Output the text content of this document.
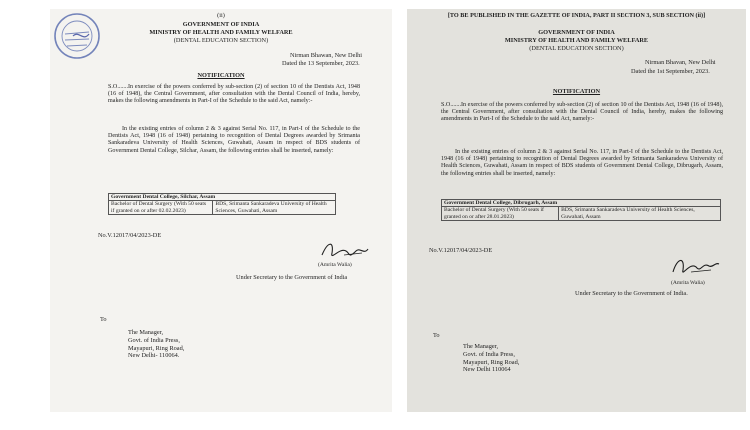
(ii)
GOVERNMENT OF INDIA
MINISTRY OF HEALTH AND FAMILY WELFARE
(DENTAL EDUCATION SECTION)
Nirman Bhawan, New Delhi
Dated the 13 September, 2023.
NOTIFICATION
S.O.......In exercise of the powers conferred by sub-section (2) of section 10 of the Dentists Act, 1948 (16 of 1948), the Central Government, after consultation with the Dental Council of India, hereby, makes the following amendments in Part-I of the Schedule to the said Act, namely:-
In the existing entries of column 2 & 3 against Serial No. 117, in Part-I of the Schedule to the Dentists Act, 1948 (16 of 1948) pertaining to recognition of Dental Degrees awarded by Srimanta Sankaradeva University of Health Sciences, Guwahati, Assam in respect of BDS students of Government Dental College, Silchar, Assam, the following entries shall be inserted, namely:
Government Dental College, Silchar, Assam
Bachelor of Dental Surgery (With 50 seats if granted on or after 02.02.2023)	BDS, Srimanta Sankaradeva University of Health Sciences, Guwahati, Assam
No.V.12017/04/2023-DE
(Amrita Walia)
Under Secretary to the Government of India
To
The Manager,
Govt. of India Press,
Mayapuri, Ring Road,
New Delhi- 110064.
[TO BE PUBLISHED IN THE GAZETTE OF INDIA, PART II SECTION 3, SUB SECTION (ii)]
GOVERNMENT OF INDIA
MINISTRY OF HEALTH AND FAMILY WELFARE
(DENTAL EDUCATION SECTION)
Nirman Bhavan, New Delhi
Dated the 1st September, 2023.
NOTIFICATION
S.O.......In exercise of the powers conferred by sub-section (2) of section 10 of the Dentists Act, 1948 (16 of 1948), the Central Government, after consultation with the Dental Council of India, hereby, makes the following amendments in Part-I of the Schedule to the said Act, namely:-
In the existing entries of column 2 & 3 against Serial No. 117, in Part-I of the Schedule to the Dentists Act, 1948 (16 of 1948) pertaining to recognition of Dental Degrees awarded by Srimanta Sankaradeva University of Health Sciences, Guwahati, Assam in respect of BDS students of Government Dental College, Dibrugarh, Assam, the following entries shall be inserted, namely:
Government Dental College, Dibrugarh, Assam
Bachelor of Dental Surgery (With 50 seats if granted on or after 28.01.2023)	BDS, Srimanta Sankaradeva University of Health Sciences, Guwahati, Assam
No.V.12017/04/2023-DE
(Amrita Walia)
Under Secretary to the Government of India.
To
The Manager,
Govt. of India Press,
Mayapuri, Ring Road,
New Delhi 110064
